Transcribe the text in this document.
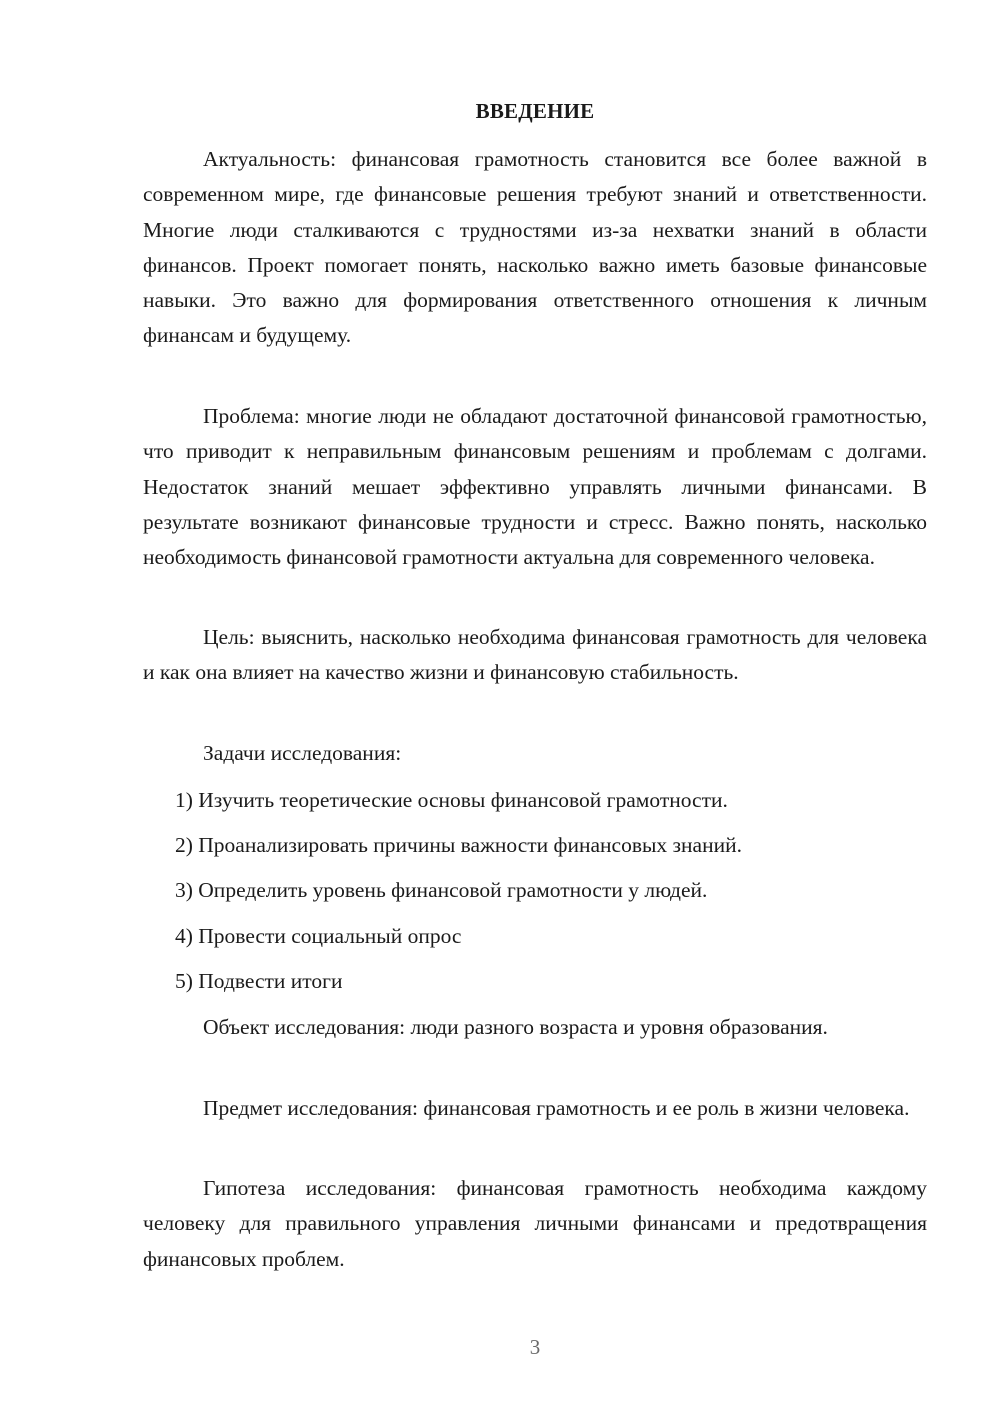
ВВЕДЕНИЕ

Актуальность: финансовая грамотность становится все более важной в современном мире, где финансовые решения требуют знаний и ответственности. Многие люди сталкиваются с трудностями из-за нехватки знаний в области финансов. Проект помогает понять, насколько важно иметь базовые финансовые навыки. Это важно для формирования ответственного отношения к личным финансам и будущему.

Проблема: многие люди не обладают достаточной финансовой грамотностью, что приводит к неправильным финансовым решениям и проблемам с долгами. Недостаток знаний мешает эффективно управлять личными финансами. В результате возникают финансовые трудности и стресс. Важно понять, насколько необходимость финансовой грамотности актуальна для современного человека.

Цель: выяснить, насколько необходима финансовая грамотность для человека и как она влияет на качество жизни и финансовую стабильность.

Задачи исследования:

1) Изучить теоретические основы финансовой грамотности.

2) Проанализировать причины важности финансовых знаний.

3) Определить уровень финансовой грамотности у людей.

4) Провести социальный опрос

5) Подвести итоги

Объект исследования: люди разного возраста и уровня образования.

Предмет исследования: финансовая грамотность и ее роль в жизни человека.

Гипотеза исследования: финансовая грамотность необходима каждому человеку для правильного управления личными финансами и предотвращения финансовых проблем.

3
